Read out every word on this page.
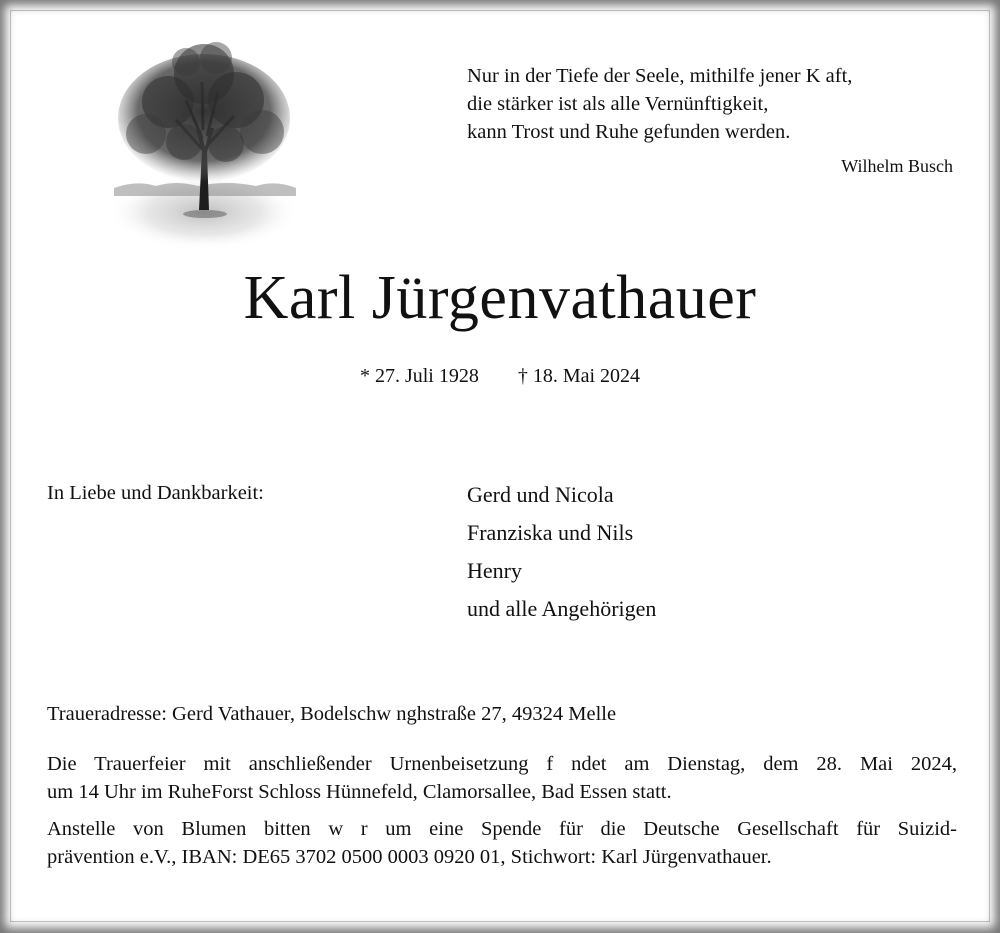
Nur in der Tiefe der Seele, mithilfe jener K aft,
die stärker ist als alle Vernünftigkeit,
kann Trost und Ruhe gefunden werden.
Wilhelm Busch
Karl Jürgenvathauer
* 27. Juli 1928 † 18. Mai 2024
In Liebe und Dankbarkeit:	Gerd und Nicola
Franziska und Nils
Henry
und alle Angehörigen
Traueradresse: Gerd Vathauer, Bodelschw nghstraße 27, 49324 Melle
Die Trauerfeier mit anschließender Urnenbeisetzung f ndet am Dienstag, dem 28. Mai 2024,
um 14 Uhr im RuheForst Schloss Hünnefeld, Clamorsallee, Bad Essen statt.
Anstelle von Blumen bitten w r um eine Spende für die Deutsche Gesellschaft für Suizid-
prävention e.V., IBAN: DE65 3702 0500 0003 0920 01, Stichwort: Karl Jürgenvathauer.
